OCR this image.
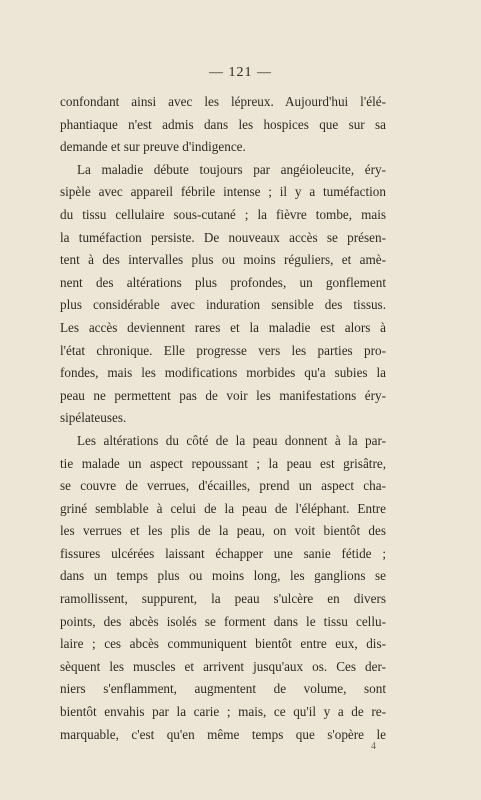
— 121 —
confondant ainsi avec les lépreux. Aujourd'hui l'élé-
phantiaque n'est admis dans les hospices que sur sa
demande et sur preuve d'indigence.
La maladie débute toujours par angéioleucite, éry-
sipèle avec appareil fébrile intense ; il y a tuméfaction
du tissu cellulaire sous-cutané ; la fièvre tombe, mais
la tuméfaction persiste. De nouveaux accès se présen-
tent à des intervalles plus ou moins réguliers, et amè-
nent des altérations plus profondes, un gonflement
plus considérable avec induration sensible des tissus.
Les accès deviennent rares et la maladie est alors à
l'état chronique. Elle progresse vers les parties pro-
fondes, mais les modifications morbides qu'a subies la
peau ne permettent pas de voir les manifestations éry-
sipélateuses.
Les altérations du côté de la peau donnent à la par-
tie malade un aspect repoussant ; la peau est grisâtre,
se couvre de verrues, d'écailles, prend un aspect cha-
griné semblable à celui de la peau de l'éléphant. Entre
les verrues et les plis de la peau, on voit bientôt des
fissures ulcérées laissant échapper une sanie fétide ;
dans un temps plus ou moins long, les ganglions se
ramollissent, suppurent, la peau s'ulcère en divers
points, des abcès isolés se forment dans le tissu cellu-
laire ; ces abcès communiquent bientôt entre eux, dis-
sèquent les muscles et arrivent jusqu'aux os. Ces der-
niers s'enflamment, augmentent de volume, sont
bientôt envahis par la carie ; mais, ce qu'il y a de re-
marquable, c'est qu'en même temps que s'opère le
4
